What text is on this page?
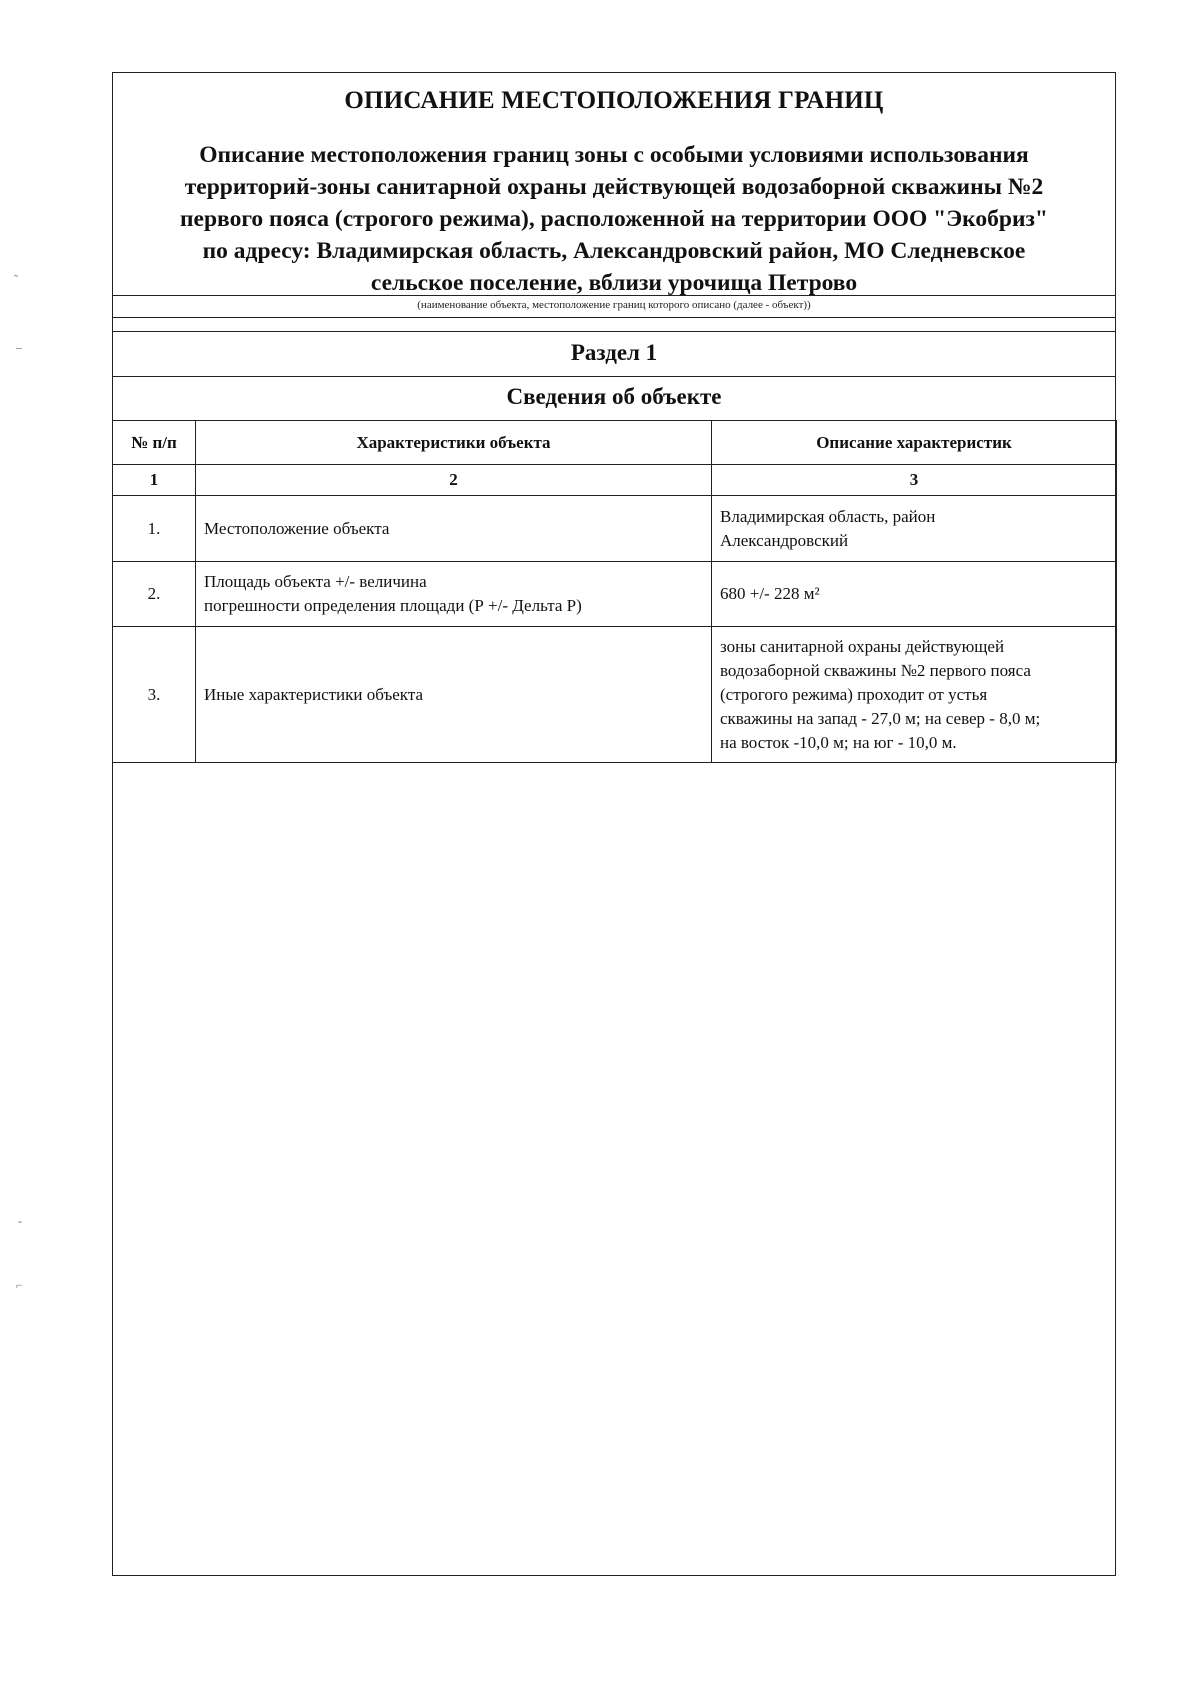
ОПИСАНИЕ МЕСТОПОЛОЖЕНИЯ ГРАНИЦ
Описание местоположения границ зоны с особыми условиями использования
территорий-зоны санитарной охраны действующей водозаборной скважины №2
первого пояса (строгого режима), расположенной на территории ООО "Экобриз"
по адресу: Владимирская область, Александровский район, МО Следневское
сельское поселение, вблизи урочища Петрово
(наименование объекта, местоположение границ которого описано (далее - объект))
Раздел 1
Сведения об объекте
№ п/п	Характеристики объекта	Описание характеристик
1	2	3
1.	Местоположение объекта	Владимирская область, район
Александровский

2.	Площадь объекта +/- величина
погрешности определения площади (Р +/- Дельта Р)	680 +/- 228 м²

3.	Иные характеристики объекта	зоны санитарной охраны действующей
водозаборной скважины №2 первого пояса
(строгого режима) проходит от устья
скважины на запад - 27,0 м; на север - 8,0 м;
на восток -10,0 м; на юг - 10,0 м.
˜
–
-
⌐
